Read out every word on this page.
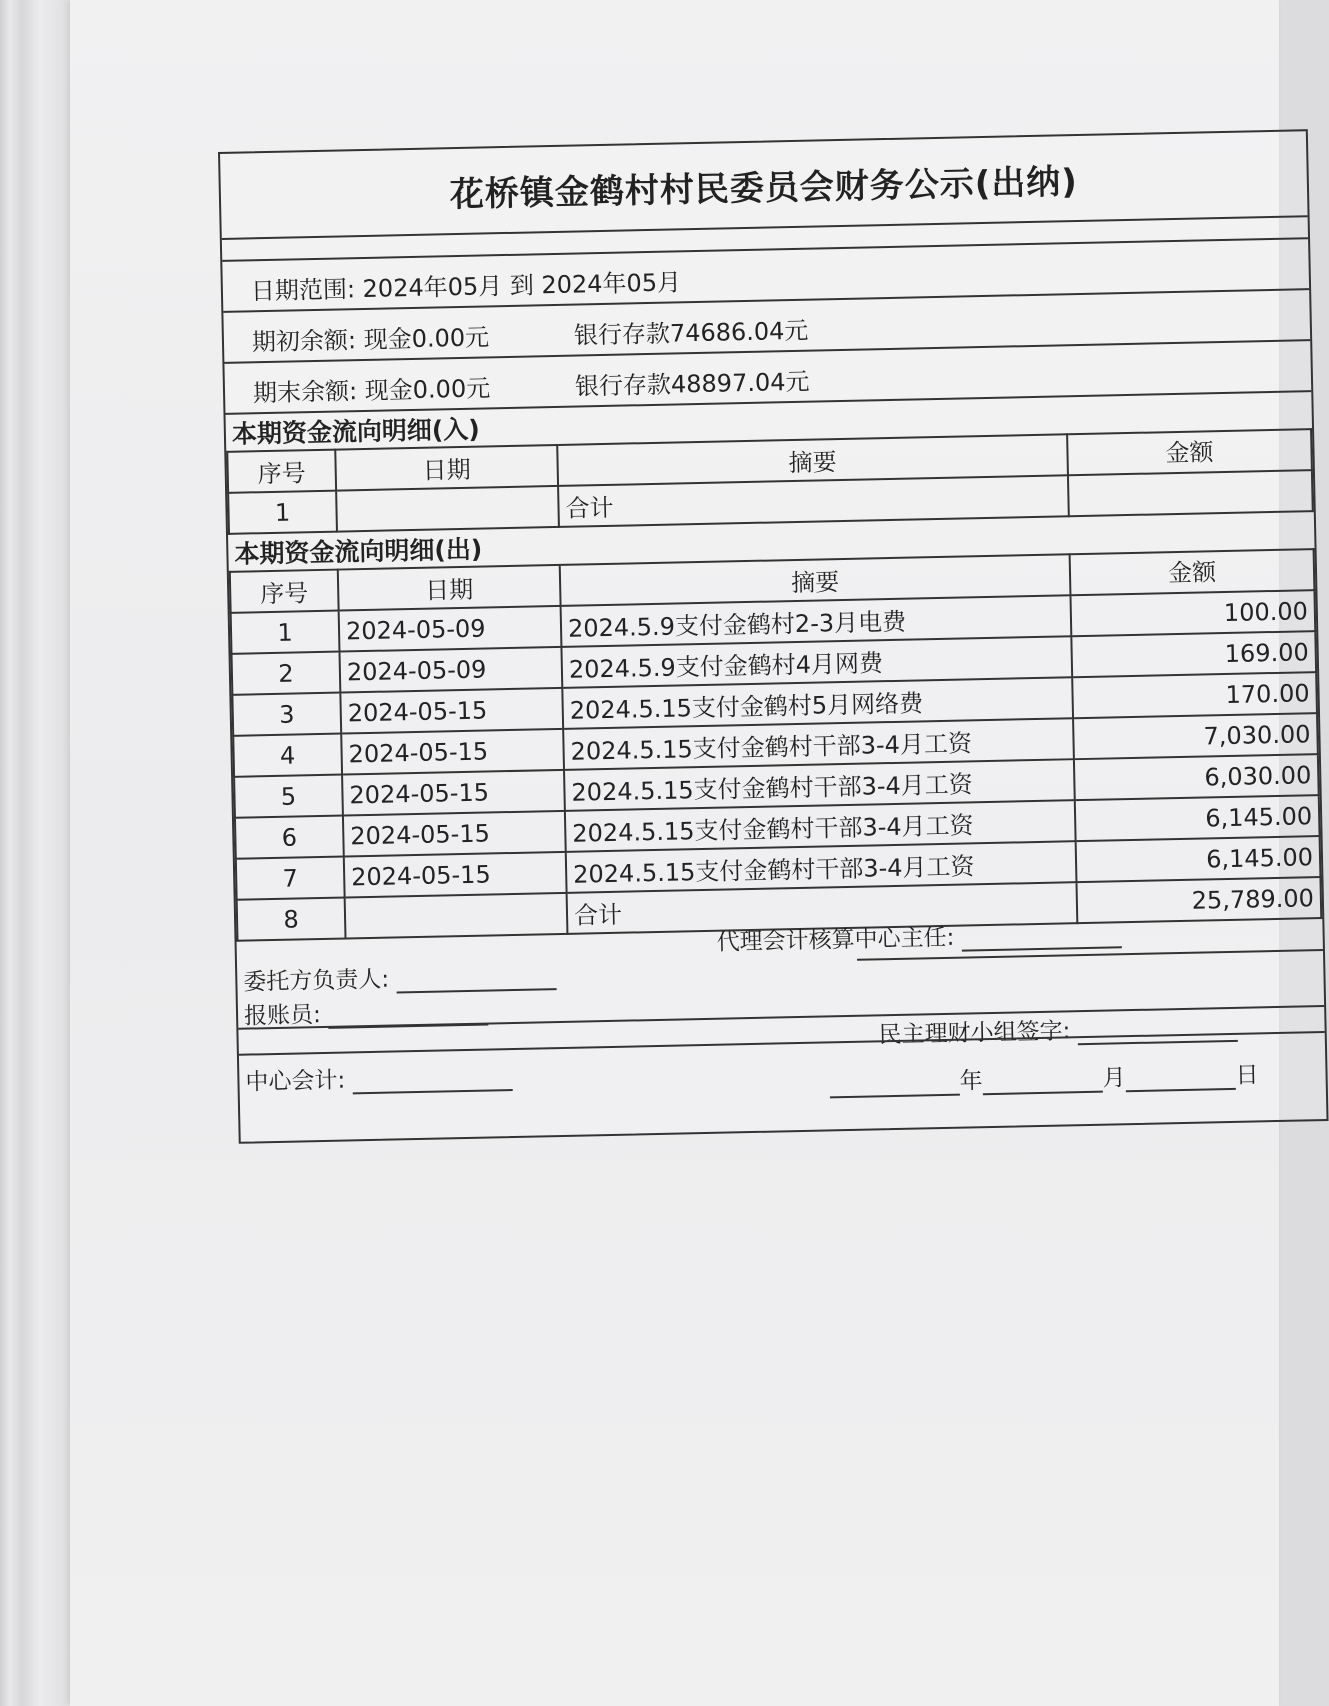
花桥镇金鹤村村民委员会财务公示(出纳)
日期范围: 2024年05月 到 2024年05月
期初余额: 现金0.00元	银行存款74686.04元
期末余额: 现金0.00元	银行存款48897.04元
本期资金流向明细(入)
序号	日期	摘要	金额
1		合计	
本期资金流向明细(出)
序号	日期	摘要	金额
1	2024-05-09	2024.5.9支付金鹤村2-3月电费	100.00
2	2024-05-09	2024.5.9支付金鹤村4月网费	169.00
3	2024-05-15	2024.5.15支付金鹤村5月网络费	170.00
4	2024-05-15	2024.5.15支付金鹤村干部3-4月工资	7,030.00
5	2024-05-15	2024.5.15支付金鹤村干部3-4月工资	6,030.00
6	2024-05-15	2024.5.15支付金鹤村干部3-4月工资	6,145.00
7	2024-05-15	2024.5.15支付金鹤村干部3-4月工资	6,145.00
8		合计	25,789.00
代理会计核算中心主任:
委托方负责人:
报账员:
民主理财小组签字:
中心会计:	年	月	日
